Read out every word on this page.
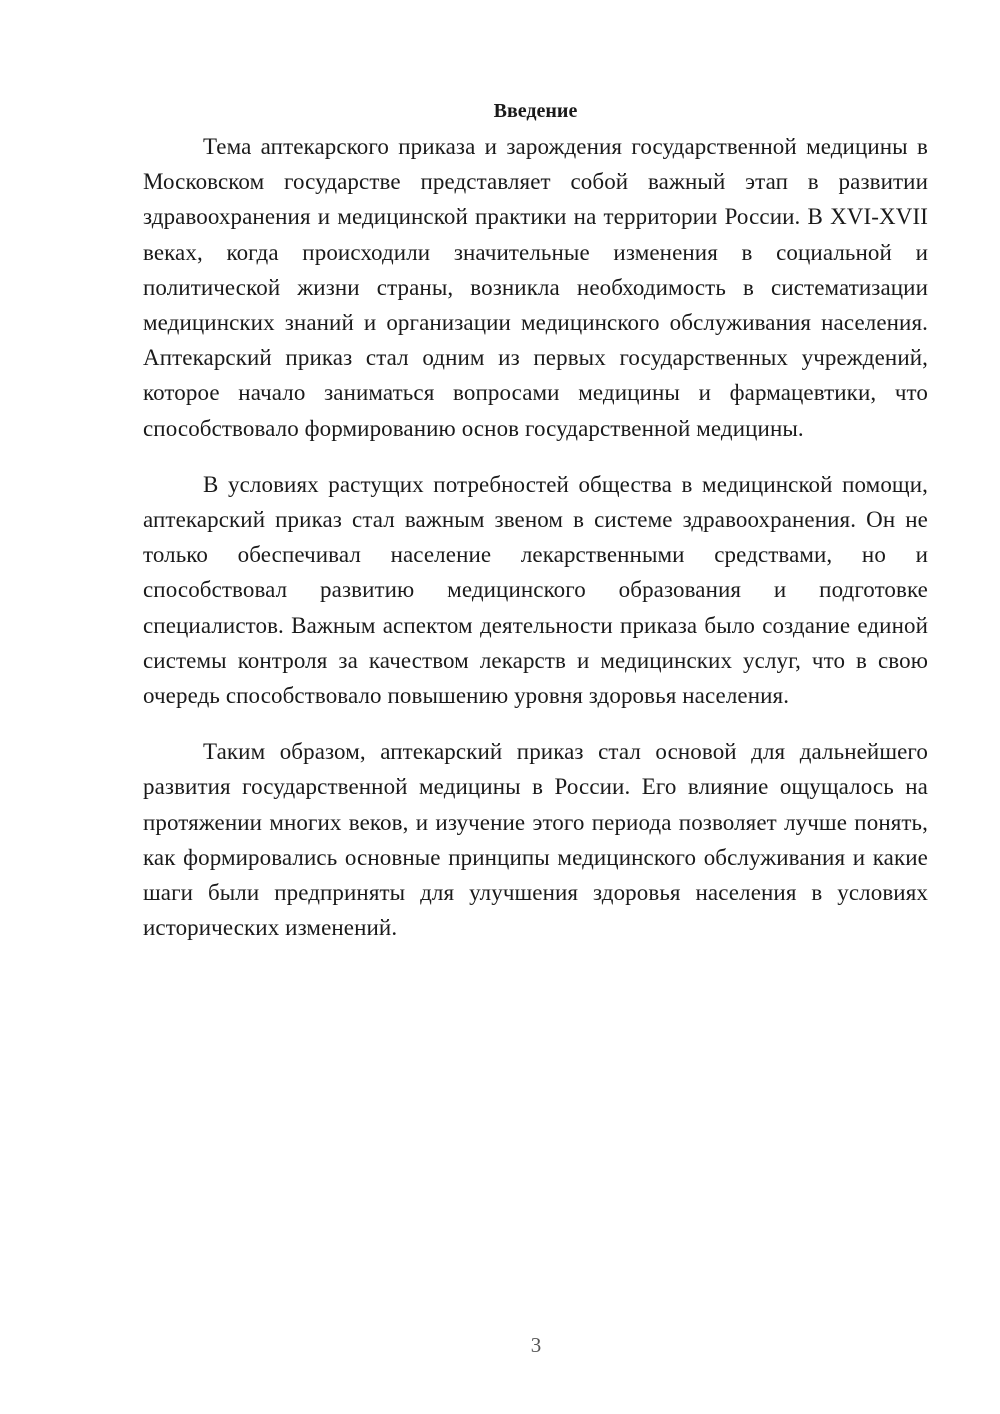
Введение

Тема аптекарского приказа и зарождения государственной медицины в Московском государстве представляет собой важный этап в развитии здравоохранения и медицинской практики на территории России. В XVI-XVII веках, когда происходили значительные изменения в социальной и политической жизни страны, возникла необходимость в систематизации медицинских знаний и организации медицинского обслуживания населения. Аптекарский приказ стал одним из первых государственных учреждений, которое начало заниматься вопросами медицины и фармацевтики, что способствовало формированию основ государственной медицины.

В условиях растущих потребностей общества в медицинской помощи, аптекарский приказ стал важным звеном в системе здравоохранения. Он не только обеспечивал население лекарственными средствами, но и способствовал развитию медицинского образования и подготовке специалистов. Важным аспектом деятельности приказа было создание единой системы контроля за качеством лекарств и медицинских услуг, что в свою очередь способствовало повышению уровня здоровья населения.

Таким образом, аптекарский приказ стал основой для дальнейшего развития государственной медицины в России. Его влияние ощущалось на протяжении многих веков, и изучение этого периода позволяет лучше понять, как формировались основные принципы медицинского обслуживания и какие шаги были предприняты для улучшения здоровья населения в условиях исторических изменений.

3
